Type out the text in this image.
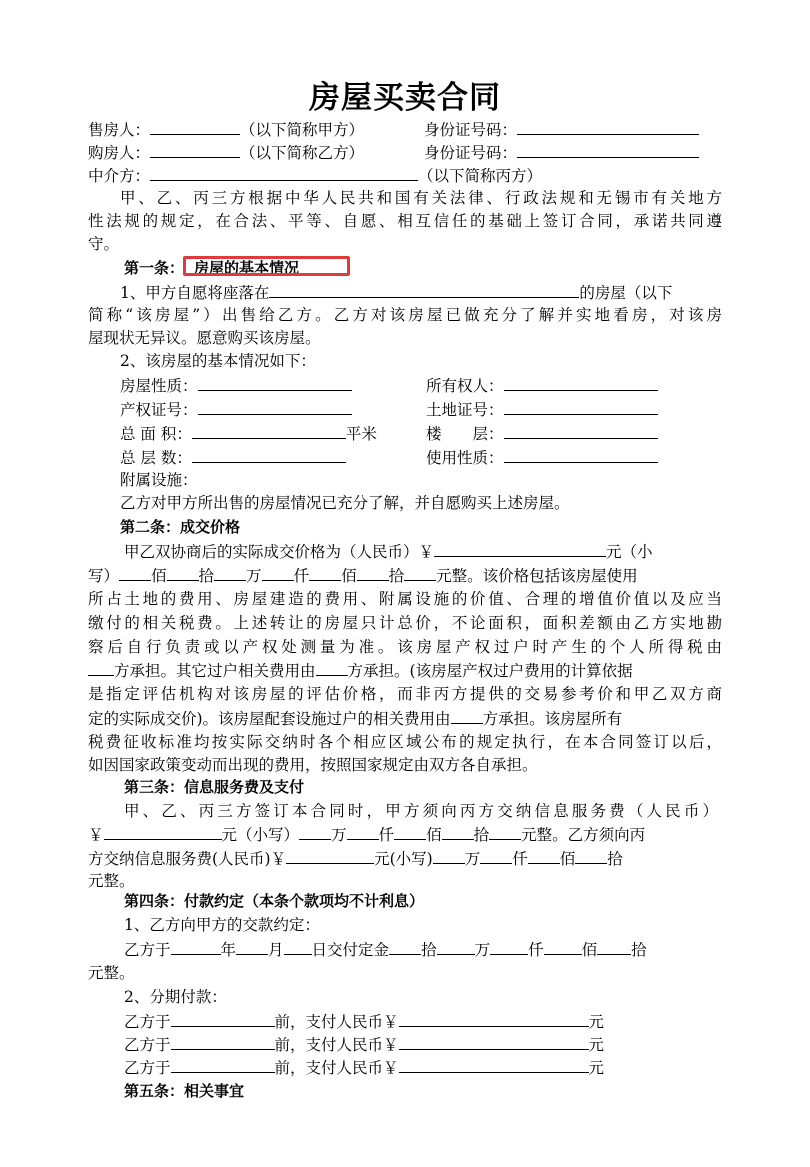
房屋买卖合同
售房人：	（以下简称甲方）	身份证号码：
购房人：	（以下简称乙方）	身份证号码：
中介方：	（以下简称丙方）
甲、乙、丙三方根据中华人民共和国有关法律、行政法规和无锡市有关地方
性法规的规定，在合法、平等、自愿、相互信任的基础上签订合同，承诺共同遵
守。
第一条： 房屋的基本情况
1、甲方自愿将座落在	的房屋（以下
简称“该房屋”）出售给乙方。乙方对该房屋已做充分了解并实地看房，对该房
屋现状无异议。愿意购买该房屋。
2、该房屋的基本情况如下：
房屋性质：	所有权人：
产权证号：	土地证号：
总 面 积：	平米	楼　　层：
总 层 数：	使用性质：
附属设施：
乙方对甲方所出售的房屋情况已充分了解，并自愿购买上述房屋。
第二条：成交价格
甲乙双协商后的实际成交价格为（人民币）￥	元（小
写） 佰 拾 万 仟 佰 拾 元整。该价格包括该房屋使用
所占土地的费用、房屋建造的费用、附属设施的价值、合理的增值价值以及应当
缴付的相关税费。上述转让的房屋只计总价，不论面积，面积差额由乙方实地勘
察后自行负责或以产权处测量为准。该房屋产权过户时产生的个人所得税由
方承担。其它过户相关费用由 方承担。(该房屋产权过户费用的计算依据
是指定评估机构对该房屋的评估价格，而非丙方提供的交易参考价和甲乙双方商
定的实际成交价)。该房屋配套设施过户的相关费用由 方承担。该房屋所有
税费征收标准均按实际交纳时各个相应区域公布的规定执行，在本合同签订以后，
如因国家政策变动而出现的费用，按照国家规定由双方各自承担。
第三条：信息服务费及支付
甲、乙、丙三方签订本合同时，甲方须向丙方交纳信息服务费（人民币）
￥	元（小写） 万 仟 佰 拾 元整。乙方须向丙
方交纳信息服务费(人民币)￥	元(小写) 万 仟 佰 拾
元整。
第四条：付款约定（本条个款项均不计利息）
1、乙方向甲方的交款约定：
乙方于	年 月 日交付定金 拾 万 仟 佰 拾
元整。
2、分期付款：
乙方于	前，支付人民币￥	元
乙方于	前，支付人民币￥	元
乙方于	前，支付人民币￥	元
第五条：相关事宜
